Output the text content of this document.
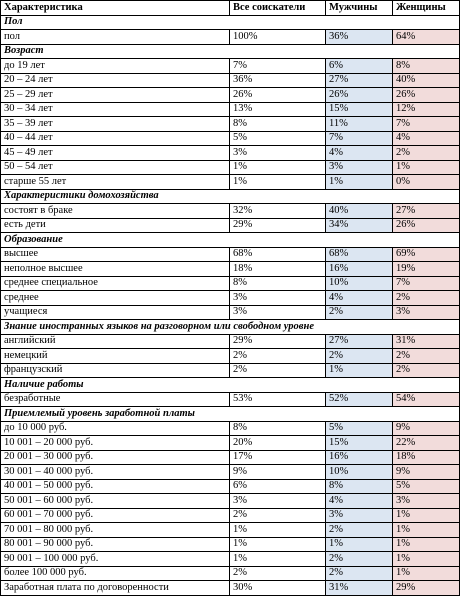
Характеристика	Все соискатели	Мужчины	Женщины
Пол			
пол	100%	36%	64%
Возраст			
до 19 лет	7%	6%	8%
20 – 24 лет	36%	27%	40%
25 – 29 лет	26%	26%	26%
30 – 34 лет	13%	15%	12%
35 – 39 лет	8%	11%	7%
40 – 44 лет	5%	7%	4%
45 – 49 лет	3%	4%	2%
50 – 54 лет	1%	3%	1%
старше 55 лет	1%	1%	0%
Характеристики домохозяйства			
состоят в браке	32%	40%	27%
есть дети	29%	34%	26%
Образование			
высшее	68%	68%	69%
неполное высшее	18%	16%	19%
среднее специальное	8%	10%	7%
среднее	3%	4%	2%
учащиеся	3%	2%	3%
Знание иностранных языков на разговорном или свободном уровне			
английский	29%	27%	31%
немецкий	2%	2%	2%
французский	2%	1%	2%
Наличие работы			
безработные	53%	52%	54%
Приемлемый уровень заработной платы			
до 10 000 руб.	8%	5%	9%
10 001 – 20 000 руб.	20%	15%	22%
20 001 – 30 000 руб.	17%	16%	18%
30 001 – 40 000 руб.	9%	10%	9%
40 001 – 50 000 руб.	6%	8%	5%
50 001 – 60 000 руб.	3%	4%	3%
60 001 – 70 000 руб.	2%	3%	1%
70 001 – 80 000 руб.	1%	2%	1%
80 001 – 90 000 руб.	1%	1%	1%
90 001 – 100 000 руб.	1%	2%	1%
более 100 000 руб.	2%	2%	1%
Заработная плата по договоренности	30%	31%	29%
